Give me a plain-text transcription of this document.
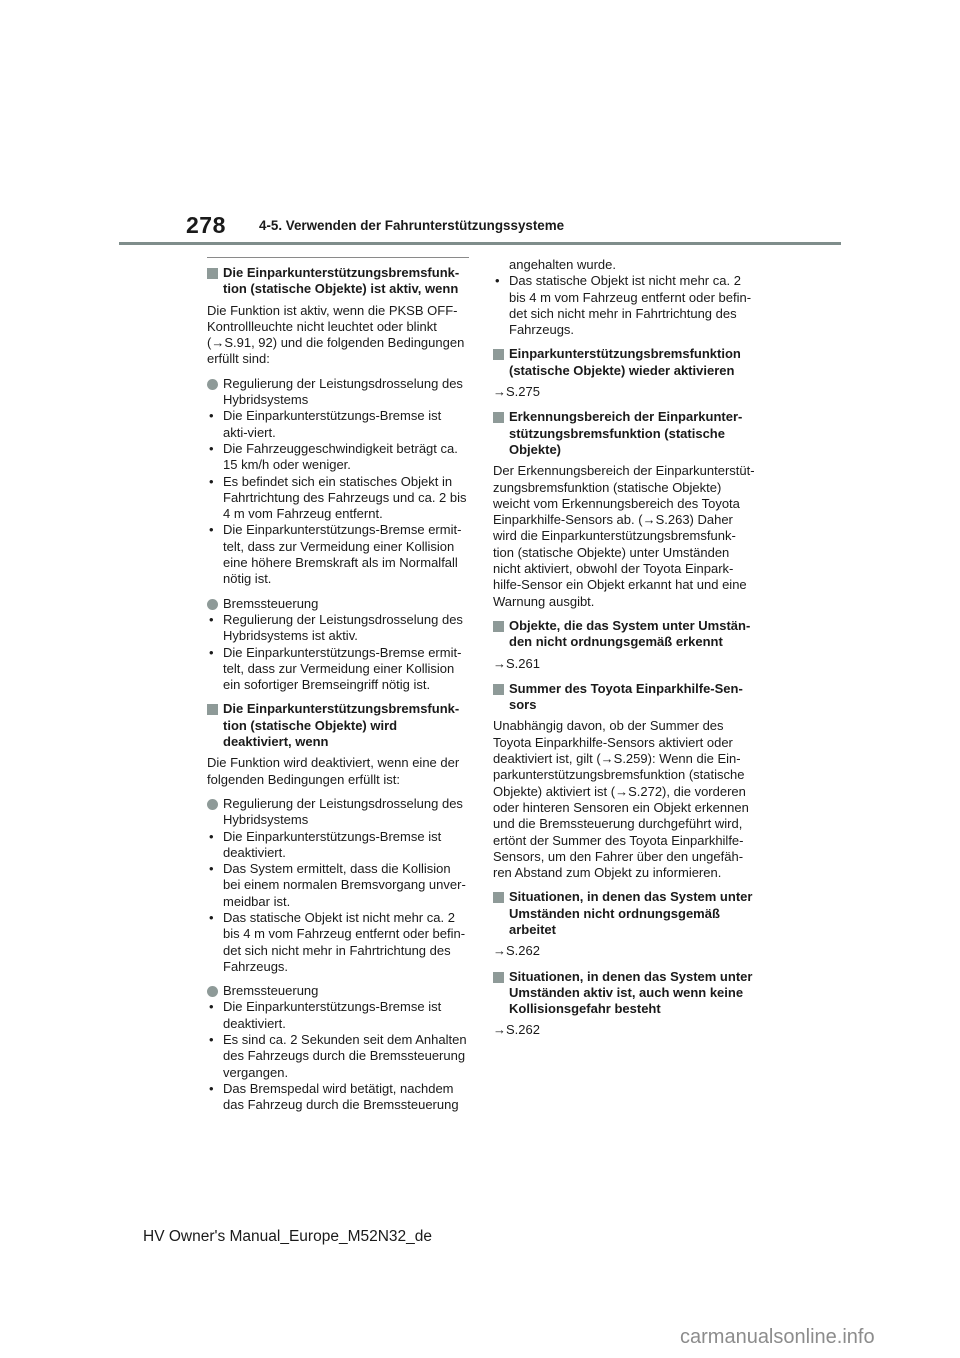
278 4-5. Verwenden der Fahrunterstützungssysteme
Die Einparkunterstützungsbremsfunk-tion (statische Objekte) ist aktiv, wenn

Die Funktion ist aktiv, wenn die PKSB OFF-Kontrollleuchte nicht leuchtet oder blinkt (→S.91, 92) und die folgenden Bedingungen erfüllt sind:

Regulierung der Leistungsdrosselung des Hybridsystems
• Die Einparkunterstützungs-Bremse ist akti-viert.
• Die Fahrzeuggeschwindigkeit beträgt ca. 15 km/h oder weniger.
• Es befindet sich ein statisches Objekt in Fahrtrichtung des Fahrzeugs und ca. 2 bis 4 m vom Fahrzeug entfernt.
• Die Einparkunterstützungs-Bremse ermit-telt, dass zur Vermeidung einer Kollision eine höhere Bremskraft als im Normalfall nötig ist.
Bremssteuerung
• Regulierung der Leistungsdrosselung des Hybridsystems ist aktiv.
• Die Einparkunterstützungs-Bremse ermit-telt, dass zur Vermeidung einer Kollision ein sofortiger Bremseingriff nötig ist.
Die Einparkunterstützungsbremsfunk-tion (statische Objekte) wird deaktiviert, wenn

Die Funktion wird deaktiviert, wenn eine der folgenden Bedingungen erfüllt ist:

Regulierung der Leistungsdrosselung des Hybridsystems
• Die Einparkunterstützungs-Bremse ist deaktiviert.
• Das System ermittelt, dass die Kollision bei einem normalen Bremsvorgang unver-meidbar ist.
• Das statische Objekt ist nicht mehr ca. 2 bis 4 m vom Fahrzeug entfernt oder befin-det sich nicht mehr in Fahrtrichtung des Fahrzeugs.
Bremssteuerung
• Die Einparkunterstützungs-Bremse ist deaktiviert.
• Es sind ca. 2 Sekunden seit dem Anhalten des Fahrzeugs durch die Bremssteuerung vergangen.
• Das Bremspedal wird betätigt, nachdem das Fahrzeug durch die Bremssteuerung
angehalten wurde.
• Das statische Objekt ist nicht mehr ca. 2 bis 4 m vom Fahrzeug entfernt oder befin-det sich nicht mehr in Fahrtrichtung des Fahrzeugs.
Einparkunterstützungsbremsfunktion (statische Objekte) wieder aktivieren

→S.275

Erkennungsbereich der Einparkunter-stützungsbremsfunktion (statische Objekte)

Der Erkennungsbereich der Einparkunterstüt-zungsbremsfunktion (statische Objekte) weicht vom Erkennungsbereich des Toyota Einparkhilfe-Sensors ab. (→S.263) Daher wird die Einparkunterstützungsbremsfunk-tion (statische Objekte) unter Umständen nicht aktiviert, obwohl der Toyota Einpark-hilfe-Sensor ein Objekt erkannt hat und eine Warnung ausgibt.

Objekte, die das System unter Umstän-den nicht ordnungsgemäß erkennt

→S.261

Summer des Toyota Einparkhilfe-Sen-sors

Unabhängig davon, ob der Summer des Toyota Einparkhilfe-Sensors aktiviert oder deaktiviert ist, gilt (→S.259): Wenn die Ein-parkunterstützungsbremsfunktion (statische Objekte) aktiviert ist (→S.272), die vorderen oder hinteren Sensoren ein Objekt erkennen und die Bremssteuerung durchgeführt wird, ertönt der Summer des Toyota Einparkhilfe-Sensors, um den Fahrer über den ungefäh-ren Abstand zum Objekt zu informieren.

Situationen, in denen das System unter Umständen nicht ordnungsgemäß arbeitet

→S.262

Situationen, in denen das System unter Umständen aktiv ist, auch wenn keine Kollisionsgefahr besteht

→S.262

HV Owner's Manual_Europe_M52N32_de
carmanualsonline.info
